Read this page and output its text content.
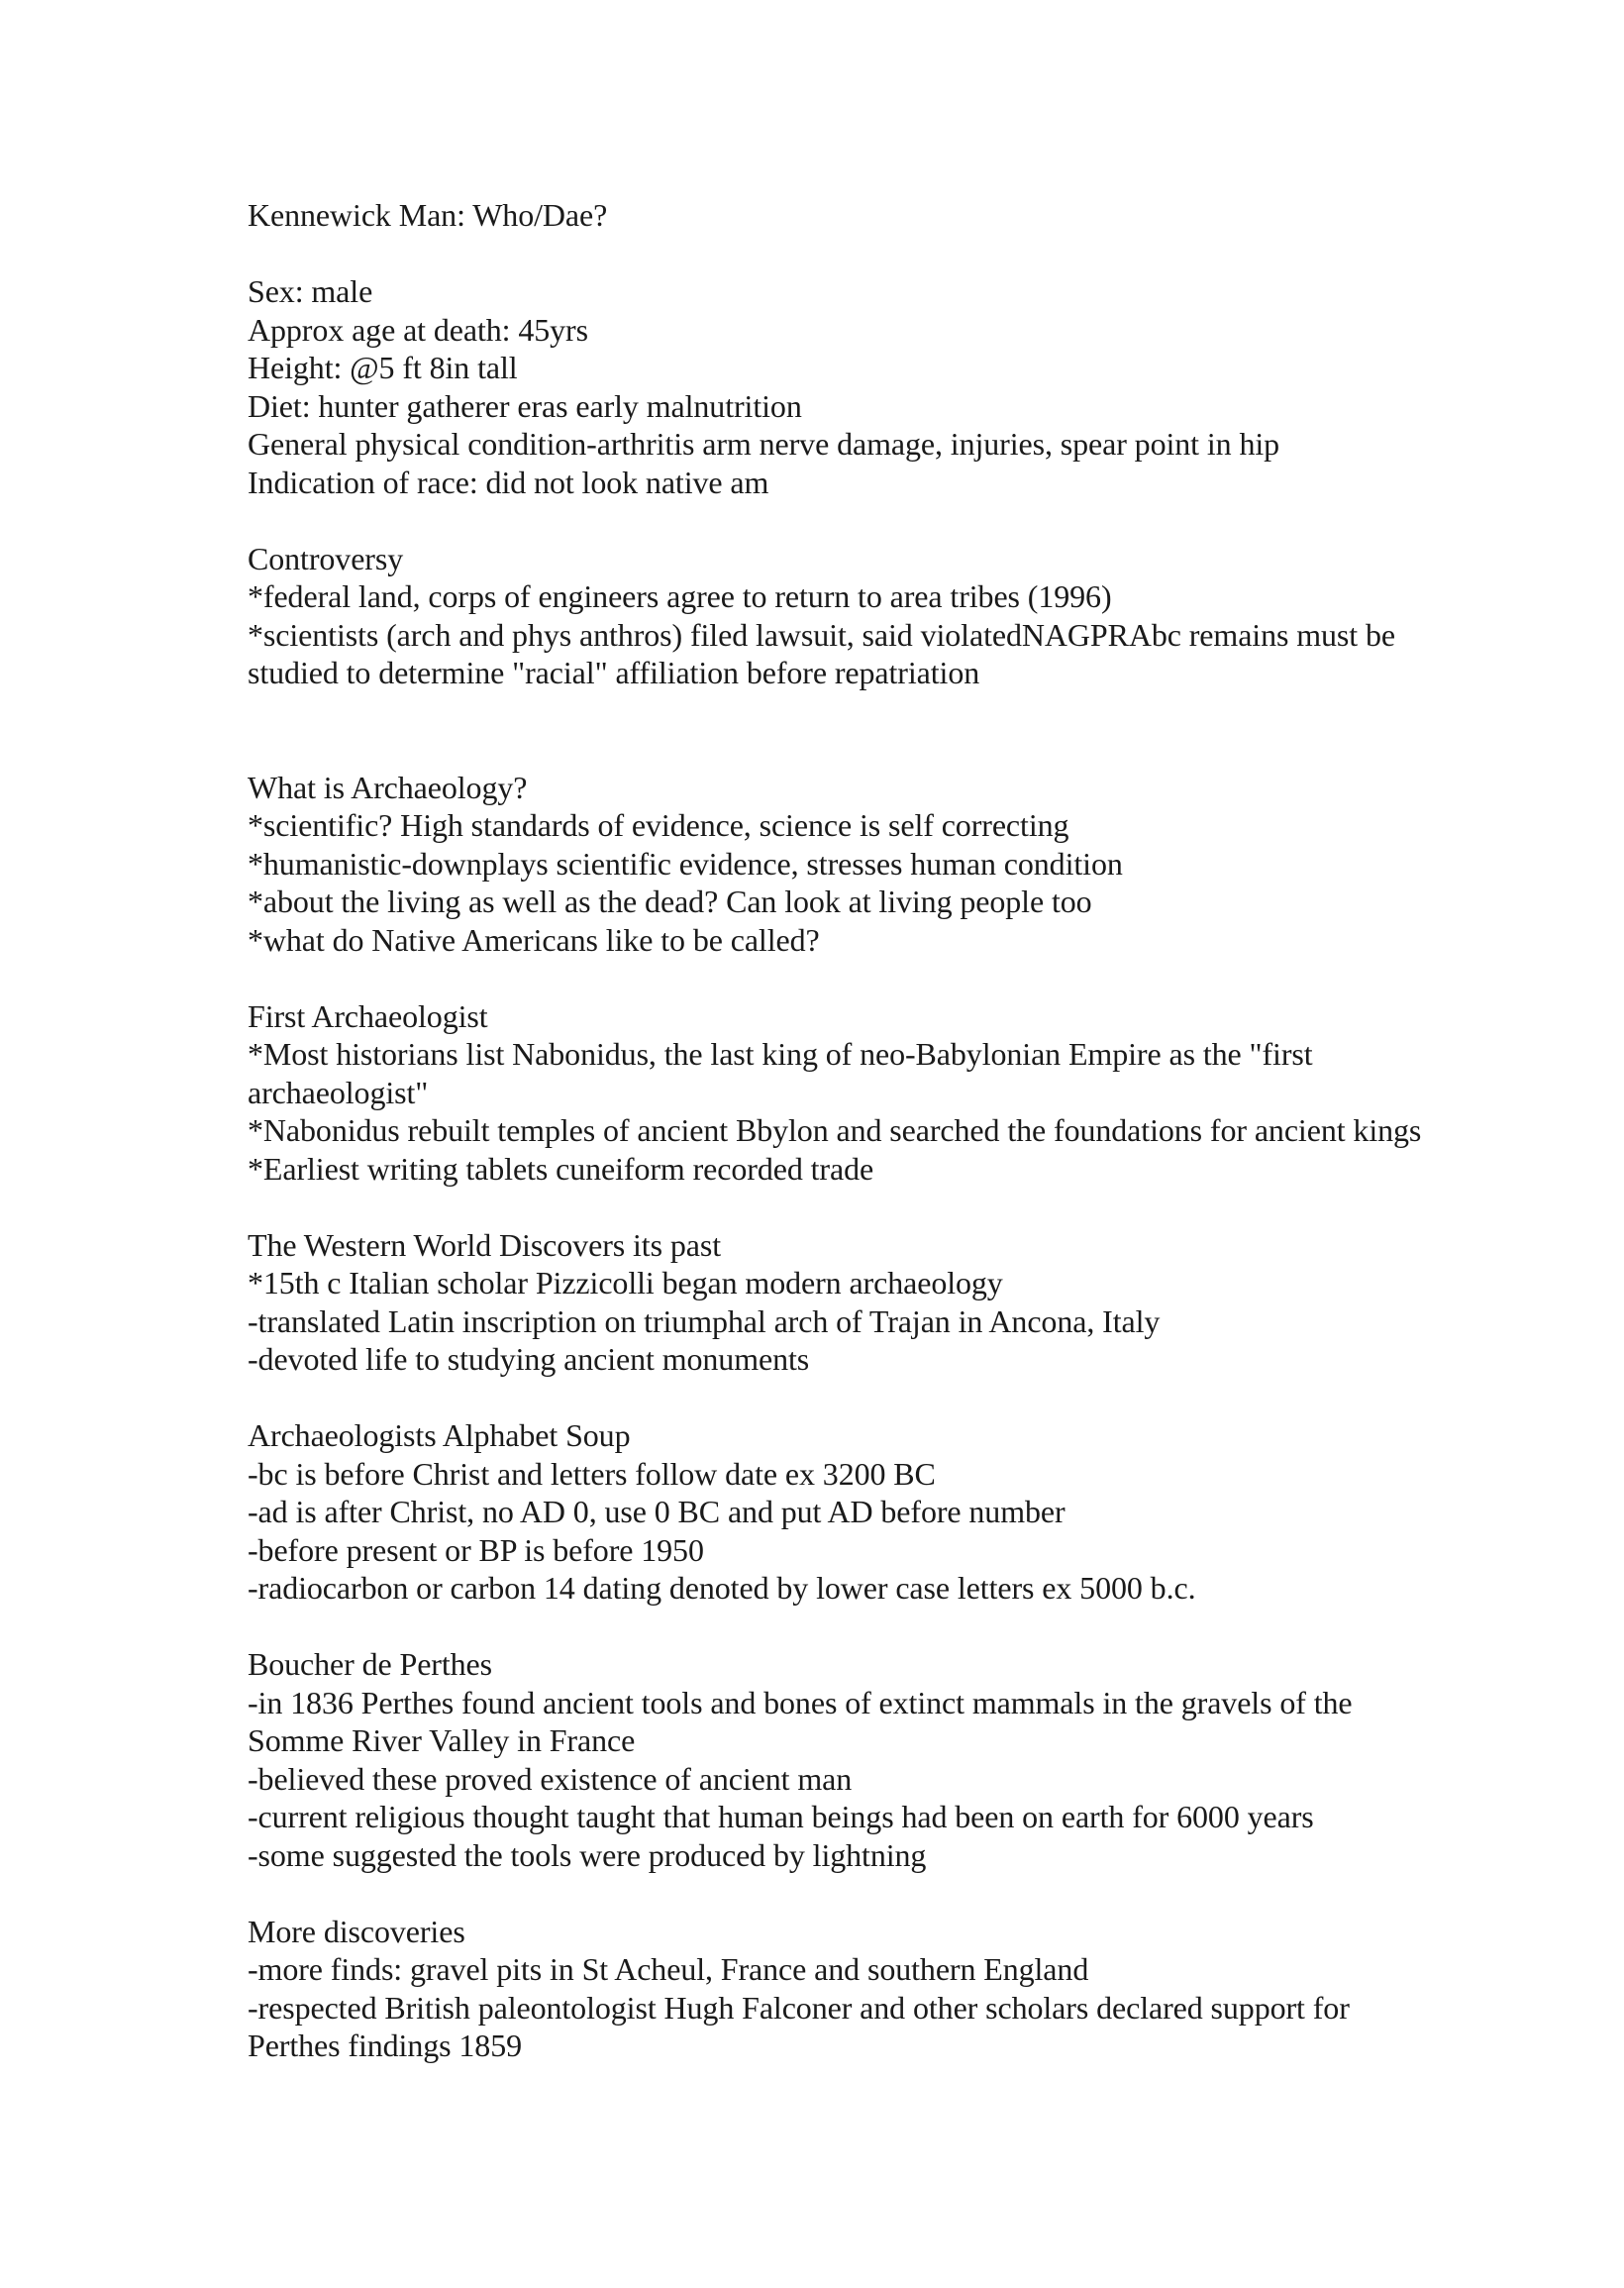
Kennewick Man: Who/Dae?
Sex: male
Approx age at death: 45yrs
Height: @5 ft 8in tall
Diet: hunter gatherer eras early malnutrition
General physical condition-arthritis arm nerve damage, injuries, spear point in hip
Indication of race: did not look native am
Controversy
*federal land, corps of engineers agree to return to area tribes (1996)
*scientists (arch and phys anthros) filed lawsuit, said violatedNAGPRAbc remains must be studied to determine "racial" affiliation before repatriation
What is Archaeology?
*scientific? High standards of evidence, science is self correcting
*humanistic-downplays scientific evidence, stresses human condition
*about the living as well as the dead? Can look at living people too
*what do Native Americans like to be called?
First Archaeologist
*Most historians list Nabonidus, the last king of neo-Babylonian Empire as the "first archaeologist"
*Nabonidus rebuilt temples of ancient Bbylon and searched the foundations for ancient kings
*Earliest writing tablets cuneiform recorded trade
The Western World Discovers its past
*15th c Italian scholar Pizzicolli began modern archaeology
-translated Latin inscription on triumphal arch of Trajan in Ancona, Italy
-devoted life to studying ancient monuments
Archaeologists Alphabet Soup
-bc is before Christ and letters follow date ex 3200 BC
-ad is after Christ, no AD 0, use 0 BC and put AD before number
-before present or BP is before 1950
-radiocarbon or carbon 14 dating denoted by lower case letters ex 5000 b.c.
Boucher de Perthes
-in 1836 Perthes found ancient tools and bones of extinct mammals in the gravels of the Somme River Valley in France
-believed these proved existence of ancient man
-current religious thought taught that human beings had been on earth for 6000 years
-some suggested the tools were produced by lightning
More discoveries
-more finds: gravel pits in St Acheul, France and southern England
-respected British paleontologist Hugh Falconer and other scholars declared support for Perthes findings 1859
